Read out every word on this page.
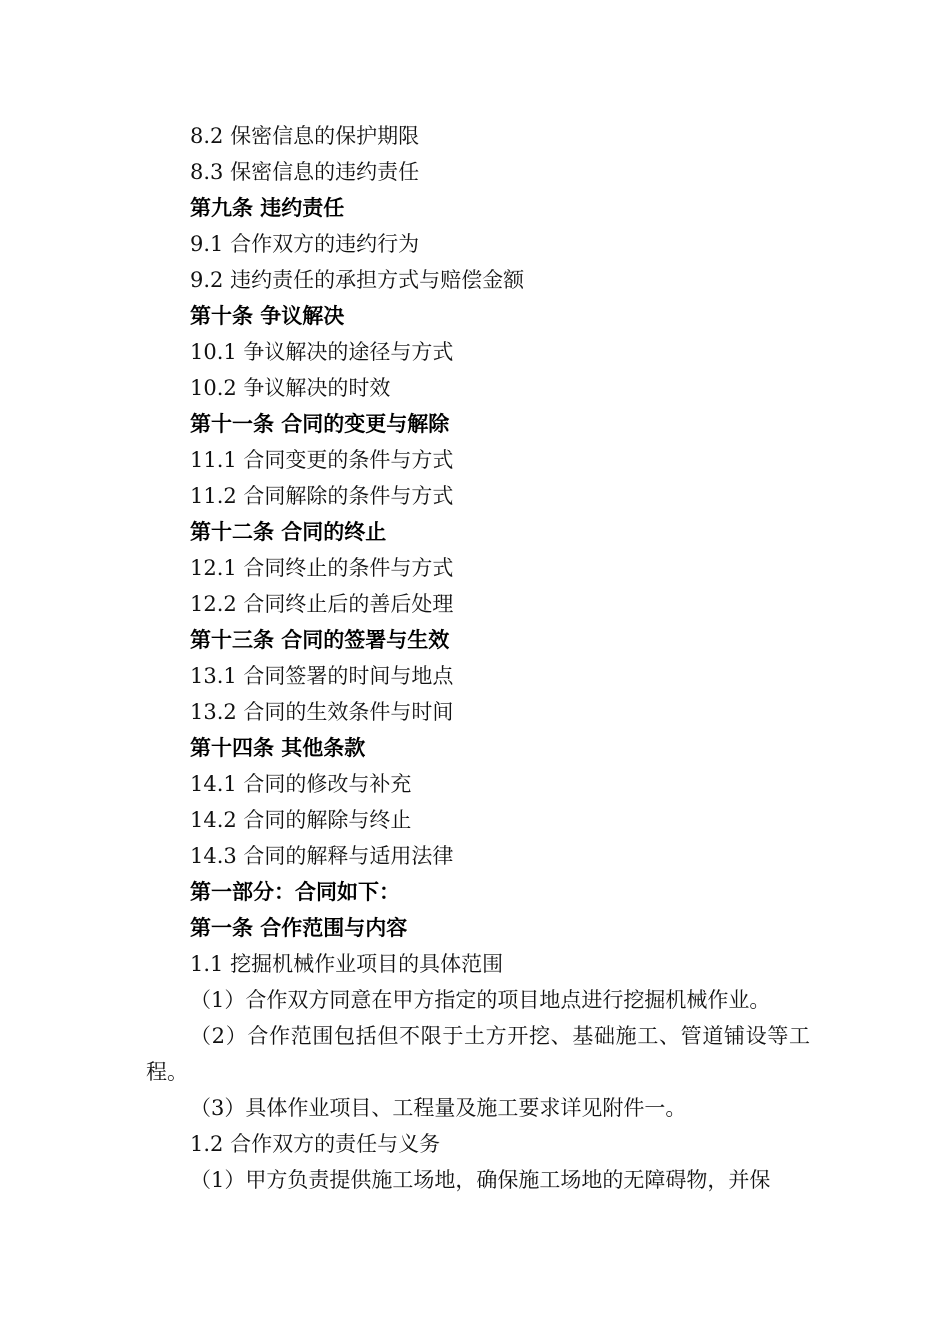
8.2 保密信息的保护期限

8.3 保密信息的违约责任

第九条 违约责任

9.1 合作双方的违约行为

9.2 违约责任的承担方式与赔偿金额

第十条 争议解决

10.1 争议解决的途径与方式

10.2 争议解决的时效

第十一条 合同的变更与解除

11.1 合同变更的条件与方式

11.2 合同解除的条件与方式

第十二条 合同的终止

12.1 合同终止的条件与方式

12.2 合同终止后的善后处理

第十三条 合同的签署与生效

13.1 合同签署的时间与地点

13.2 合同的生效条件与时间

第十四条 其他条款

14.1 合同的修改与补充

14.2 合同的解除与终止

14.3 合同的解释与适用法律

第一部分：合同如下：

第一条 合作范围与内容

1.1 挖掘机械作业项目的具体范围

（1）合作双方同意在甲方指定的项目地点进行挖掘机械作业。

（2）合作范围包括但不限于土方开挖、基础施工、管道铺设等工程。

（3）具体作业项目、工程量及施工要求详见附件一。

1.2 合作双方的责任与义务

（1）甲方负责提供施工场地，确保施工场地的无障碍物，并保
